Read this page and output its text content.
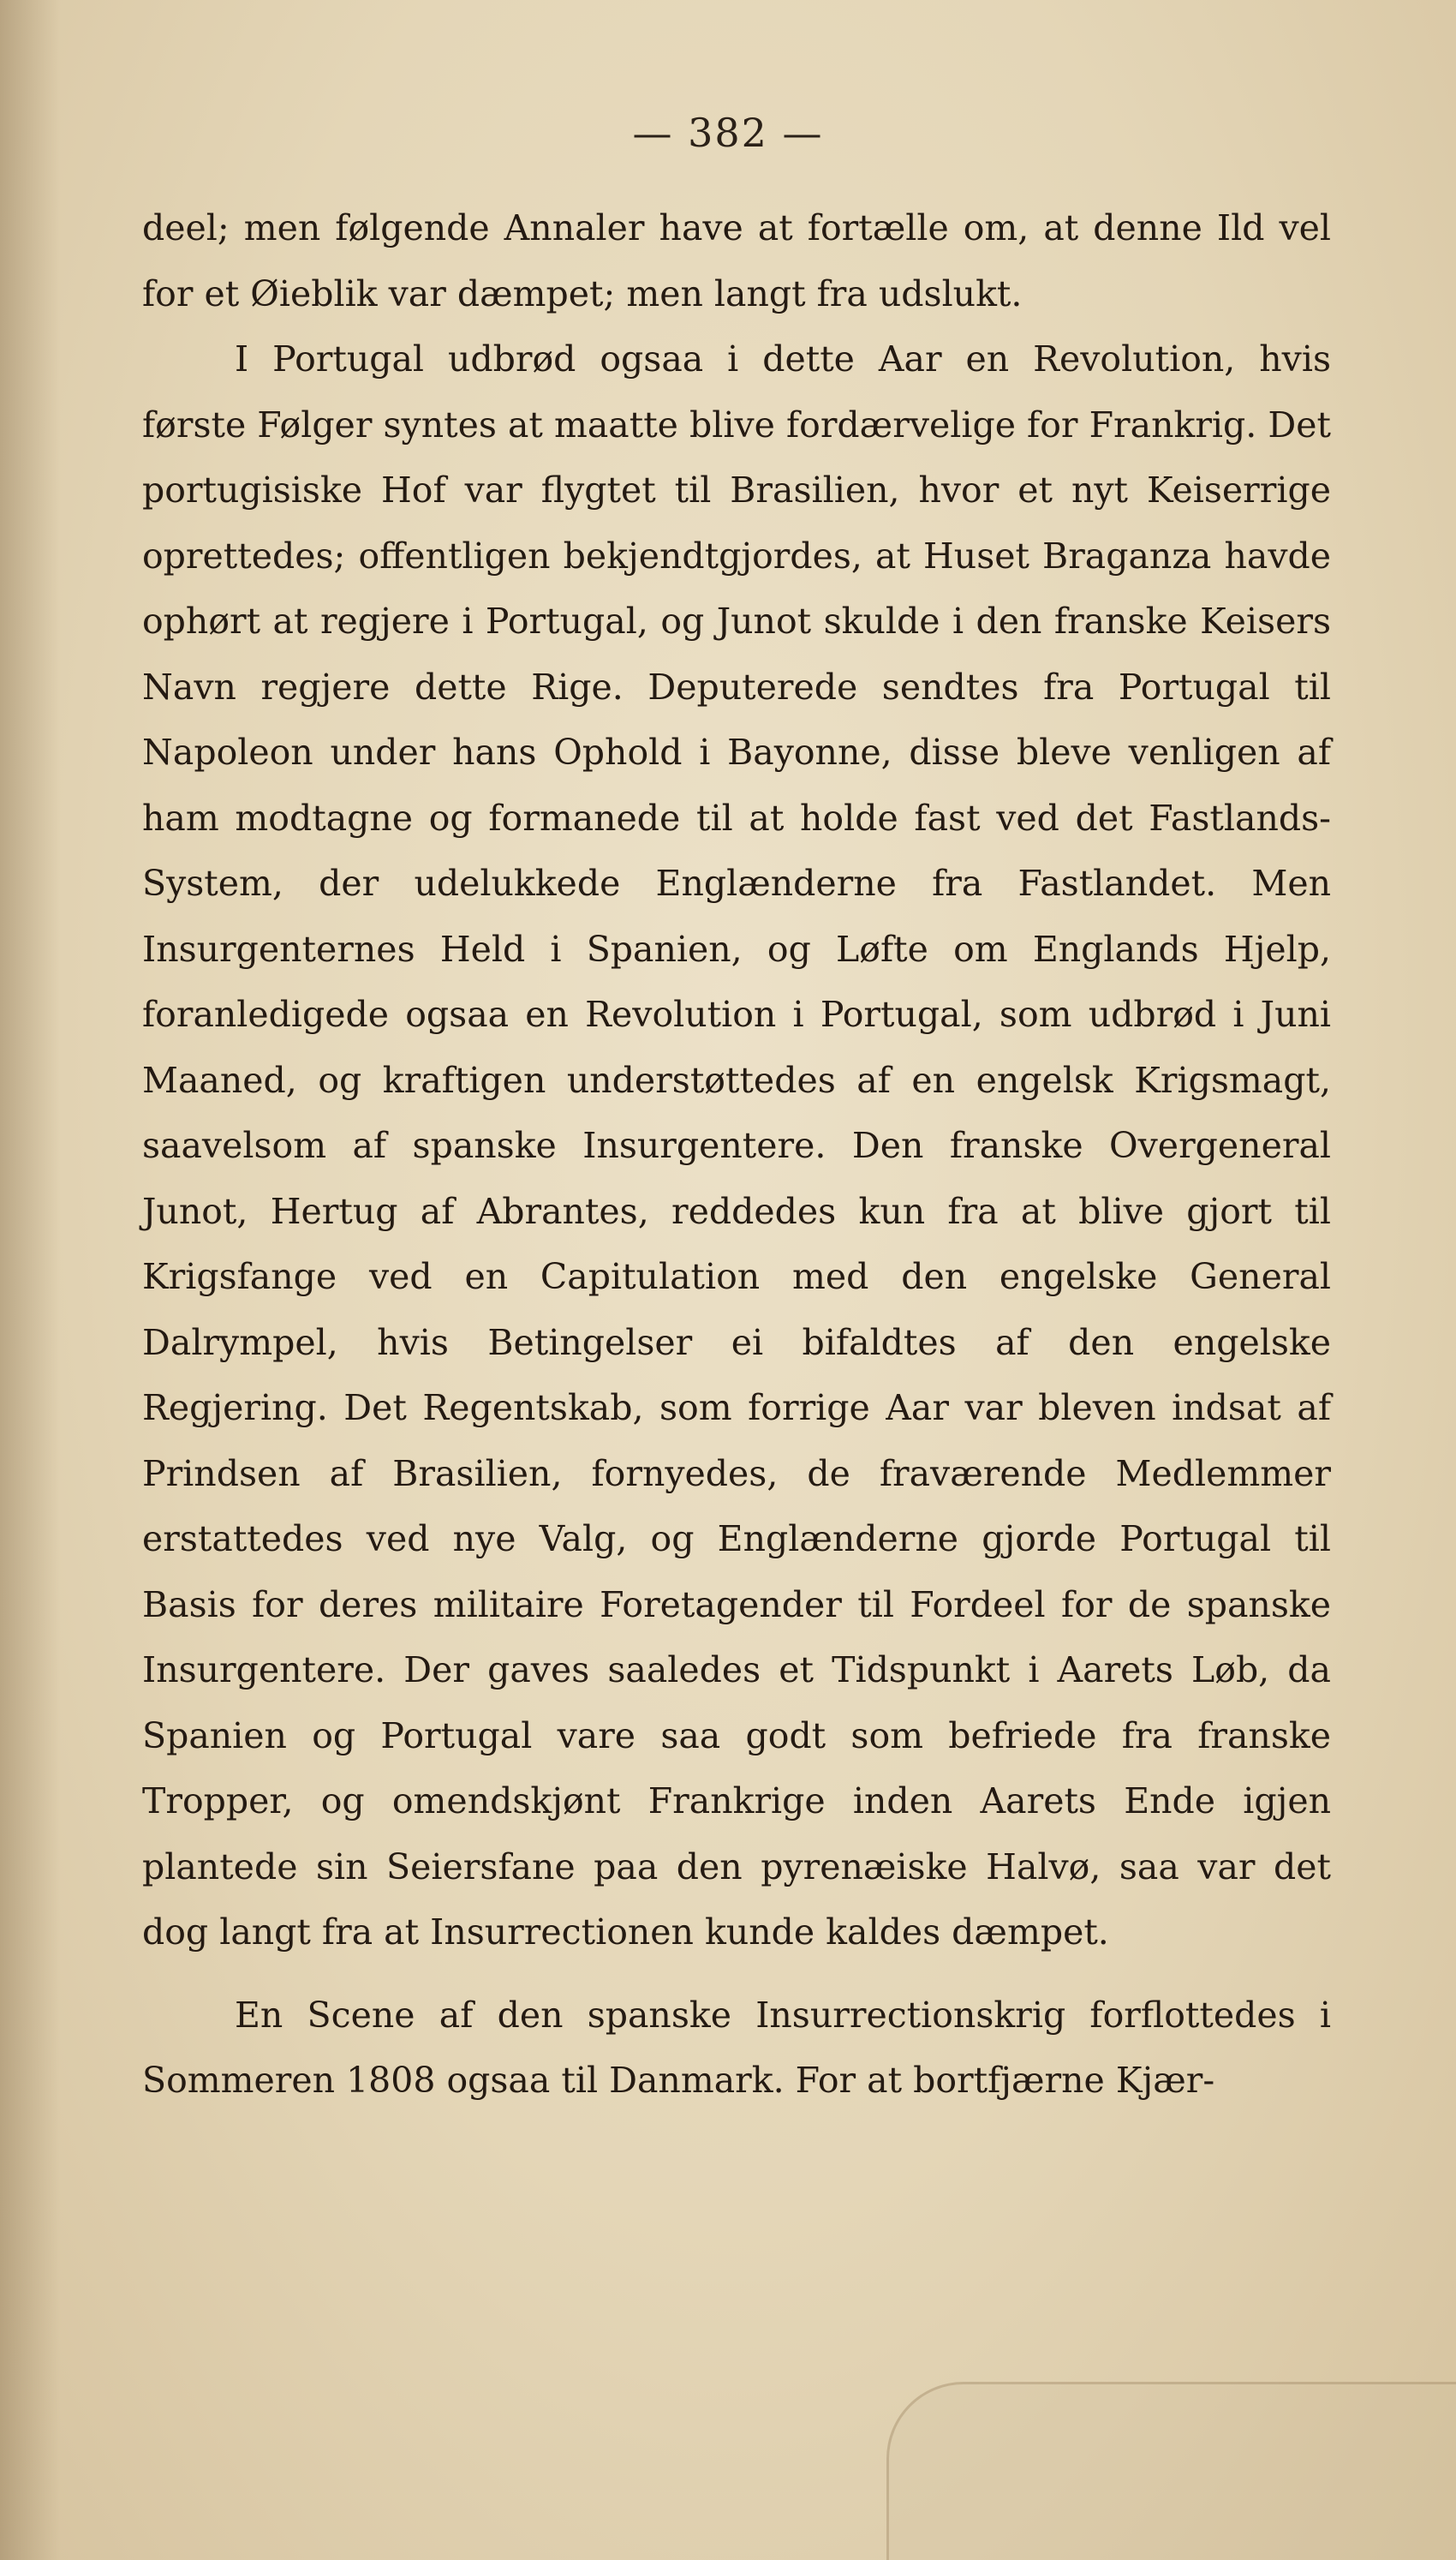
— 382 —

deel; men følgende Annaler have at fortælle om, at denne Ild vel for et Øieblik var dæmpet; men langt fra udslukt.

I Portugal udbrød ogsaa i dette Aar en Revolution, hvis første Følger syntes at maatte blive fordærvelige for Frankrig. Det portugisiske Hof var flygtet til Brasilien, hvor et nyt Keiserrige oprettedes; offentligen bekjendtgjordes, at Huset Braganza havde ophørt at regjere i Portugal, og Junot skulde i den franske Keisers Navn regjere dette Rige. Deputerede sendtes fra Portugal til Napoleon under hans Ophold i Bayonne, disse bleve venligen af ham modtagne og formanede til at holde fast ved det Fastlands-System, der udelukkede Englænderne fra Fastlandet. Men Insurgenternes Held i Spanien, og Løfte om Englands Hjelp, foranledigede ogsaa en Revolution i Portugal, som udbrød i Juni Maaned, og kraftigen understøttedes af en engelsk Krigsmagt, saavelsom af spanske Insurgentere. Den franske Overgeneral Junot, Hertug af Abrantes, reddedes kun fra at blive gjort til Krigsfange ved en Capitulation med den engelske General Dalrympel, hvis Betingelser ei bifaldtes af den engelske Regjering. Det Regentskab, som forrige Aar var bleven indsat af Prindsen af Brasilien, fornyedes, de fraværende Medlemmer erstattedes ved nye Valg, og Englænderne gjorde Portugal til Basis for deres militaire Foretagender til Fordeel for de spanske Insurgentere. Der gaves saaledes et Tidspunkt i Aarets Løb, da Spanien og Portugal vare saa godt som befriede fra franske Tropper, og omendskjønt Frankrige inden Aarets Ende igjen plantede sin Seiersfane paa den pyrenæiske Halvø, saa var det dog langt fra at Insurrectionen kunde kaldes dæmpet.

En Scene af den spanske Insurrectionskrig forflottedes i Sommeren 1808 ogsaa til Danmark. For at bortfjærne Kjær-
